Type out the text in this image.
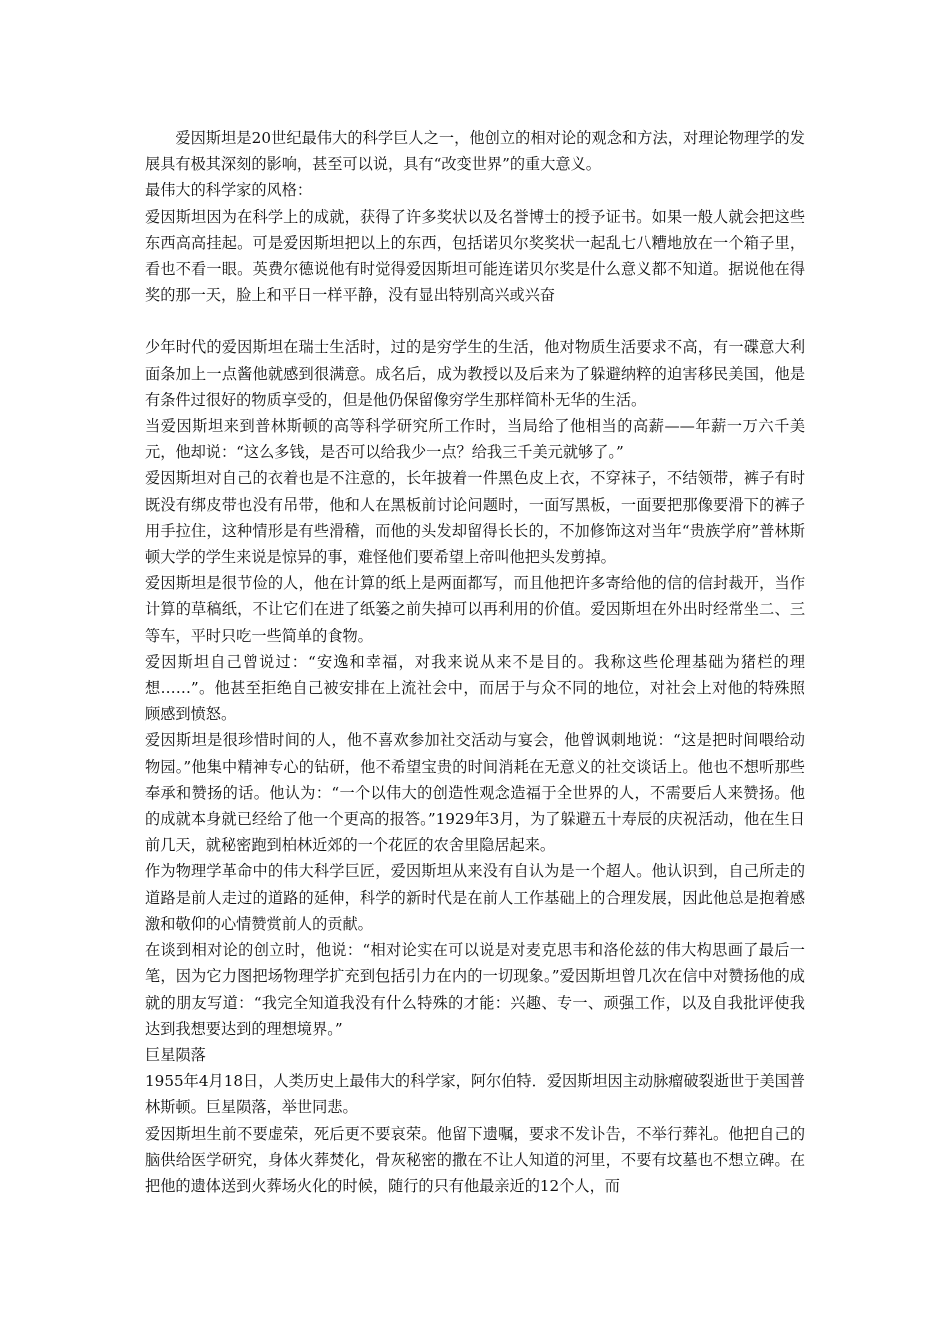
爱因斯坦是20世纪最伟大的科学巨人之一，他创立的相对论的观念和方法，对理论物理学的发展具有极其深刻的影响，甚至可以说，具有“改变世界”的重大意义。

最伟大的科学家的风格：

爱因斯坦因为在科学上的成就，获得了许多奖状以及名誉博士的授予证书。如果一般人就会把这些东西高高挂起。可是爱因斯坦把以上的东西，包括诺贝尔奖奖状一起乱七八糟地放在一个箱子里，看也不看一眼。英费尔德说他有时觉得爱因斯坦可能连诺贝尔奖是什么意义都不知道。据说他在得奖的那一天，脸上和平日一样平静，没有显出特别高兴或兴奋

少年时代的爱因斯坦在瑞士生活时，过的是穷学生的生活，他对物质生活要求不高，有一碟意大利面条加上一点酱他就感到很满意。成名后，成为教授以及后来为了躲避纳粹的迫害移民美国，他是有条件过很好的物质享受的，但是他仍保留像穷学生那样简朴无华的生活。

当爱因斯坦来到普林斯顿的高等科学研究所工作时，当局给了他相当的高薪——年薪一万六千美元，他却说：“这么多钱，是否可以给我少一点？给我三千美元就够了。”

爱因斯坦对自己的衣着也是不注意的，长年披着一件黑色皮上衣，不穿袜子，不结领带，裤子有时既没有绑皮带也没有吊带，他和人在黑板前讨论问题时，一面写黑板，一面要把那像要滑下的裤子用手拉住，这种情形是有些滑稽，而他的头发却留得长长的，不加修饰这对当年“贵族学府”普林斯顿大学的学生来说是惊异的事，难怪他们要希望上帝叫他把头发剪掉。

爱因斯坦是很节俭的人，他在计算的纸上是两面都写，而且他把许多寄给他的信的信封裁开，当作计算的草稿纸，不让它们在进了纸篓之前失掉可以再利用的价值。爱因斯坦在外出时经常坐二、三等车，平时只吃一些简单的食物。

爱因斯坦自己曾说过：“安逸和幸福，对我来说从来不是目的。我称这些伦理基础为猪栏的理想……”。他甚至拒绝自己被安排在上流社会中，而居于与众不同的地位，对社会上对他的特殊照顾感到愤怒。

爱因斯坦是很珍惜时间的人，他不喜欢参加社交活动与宴会，他曾讽刺地说：“这是把时间喂给动物园。”他集中精神专心的钻研，他不希望宝贵的时间消耗在无意义的社交谈话上。他也不想听那些奉承和赞扬的话。他认为：“一个以伟大的创造性观念造福于全世界的人，不需要后人来赞扬。他的成就本身就已经给了他一个更高的报答。”1929年3月，为了躲避五十寿辰的庆祝活动，他在生日前几天，就秘密跑到柏林近郊的一个花匠的农舍里隐居起来。

作为物理学革命中的伟大科学巨匠，爱因斯坦从来没有自认为是一个超人。他认识到，自己所走的道路是前人走过的道路的延伸，科学的新时代是在前人工作基础上的合理发展，因此他总是抱着感激和敬仰的心情赞赏前人的贡献。

在谈到相对论的创立时，他说：“相对论实在可以说是对麦克思韦和洛伦兹的伟大构思画了最后一笔，因为它力图把场物理学扩充到包括引力在内的一切现象。”爱因斯坦曾几次在信中对赞扬他的成就的朋友写道：“我完全知道我没有什么特殊的才能：兴趣、专一、顽强工作，以及自我批评使我达到我想要达到的理想境界。”

巨星陨落

1955年4月18日，人类历史上最伟大的科学家，阿尔伯特．爱因斯坦因主动脉瘤破裂逝世于美国普林斯顿。巨星陨落，举世同悲。

爱因斯坦生前不要虚荣，死后更不要哀荣。他留下遗嘱，要求不发讣告，不举行葬礼。他把自己的脑供给医学研究，身体火葬焚化，骨灰秘密的撒在不让人知道的河里，不要有坟墓也不想立碑。在把他的遗体送到火葬场火化的时候，随行的只有他最亲近的12个人，而
